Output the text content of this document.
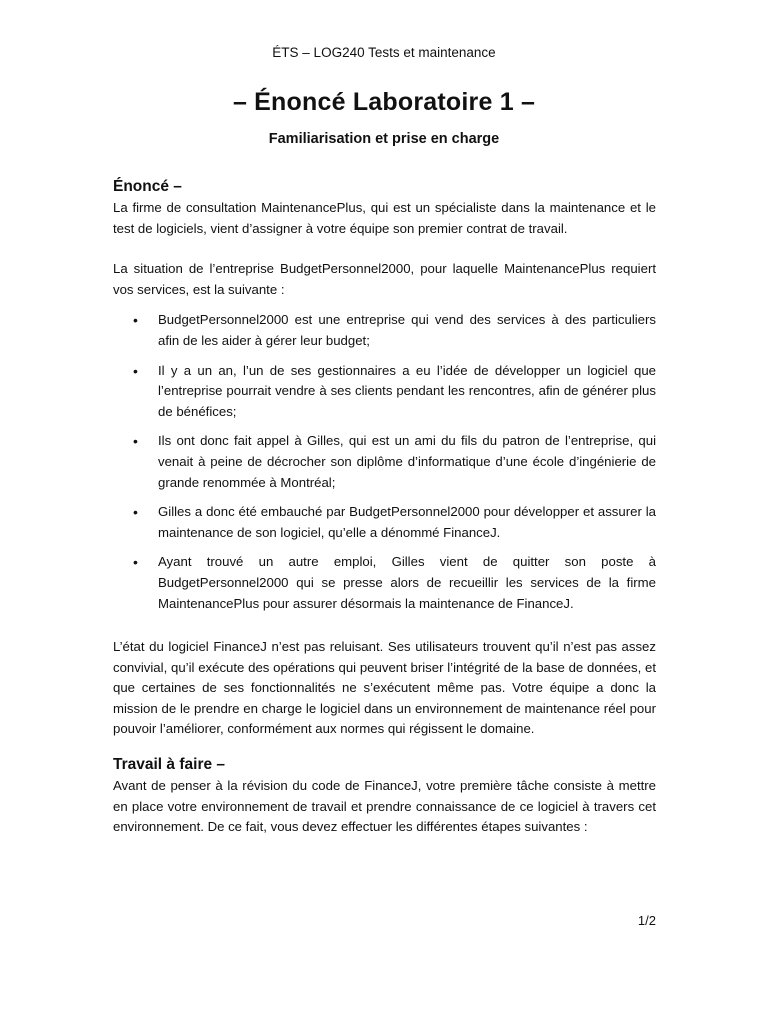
ÉTS – LOG240 Tests et maintenance
– Énoncé Laboratoire 1 –
Familiarisation et prise en charge
Énoncé –

La firme de consultation MaintenancePlus, qui est un spécialiste dans la maintenance et le test de logiciels, vient d’assigner à votre équipe son premier contrat de travail.

La situation de l’entreprise BudgetPersonnel2000, pour laquelle MaintenancePlus requiert vos services, est la suivante :

• BudgetPersonnel2000 est une entreprise qui vend des services à des particuliers afin de les aider à gérer leur budget;
• Il y a un an, l’un de ses gestionnaires a eu l’idée de développer un logiciel que l’entreprise pourrait vendre à ses clients pendant les rencontres, afin de générer plus de bénéfices;
• Ils ont donc fait appel à Gilles, qui est un ami du fils du patron de l’entreprise, qui venait à peine de décrocher son diplôme d’informatique d’une école d’ingénierie de grande renommée à Montréal;
• Gilles a donc été embauché par BudgetPersonnel2000 pour développer et assurer la maintenance de son logiciel, qu’elle a dénommé FinanceJ.
• Ayant trouvé un autre emploi, Gilles vient de quitter son poste à BudgetPersonnel2000 qui se presse alors de recueillir les services de la firme MaintenancePlus pour assurer désormais la maintenance de FinanceJ.

L’état du logiciel FinanceJ n’est pas reluisant. Ses utilisateurs trouvent qu’il n’est pas assez convivial, qu’il exécute des opérations qui peuvent briser l’intégrité de la base de données, et que certaines de ses fonctionnalités ne s’exécutent même pas. Votre équipe a donc la mission de le prendre en charge le logiciel dans un environnement de maintenance réel pour pouvoir l’améliorer, conformément aux normes qui régissent le domaine.

Travail à faire –

Avant de penser à la révision du code de FinanceJ, votre première tâche consiste à mettre en place votre environnement de travail et prendre connaissance de ce logiciel à travers cet environnement. De ce fait, vous devez effectuer les différentes étapes suivantes :

1/2
